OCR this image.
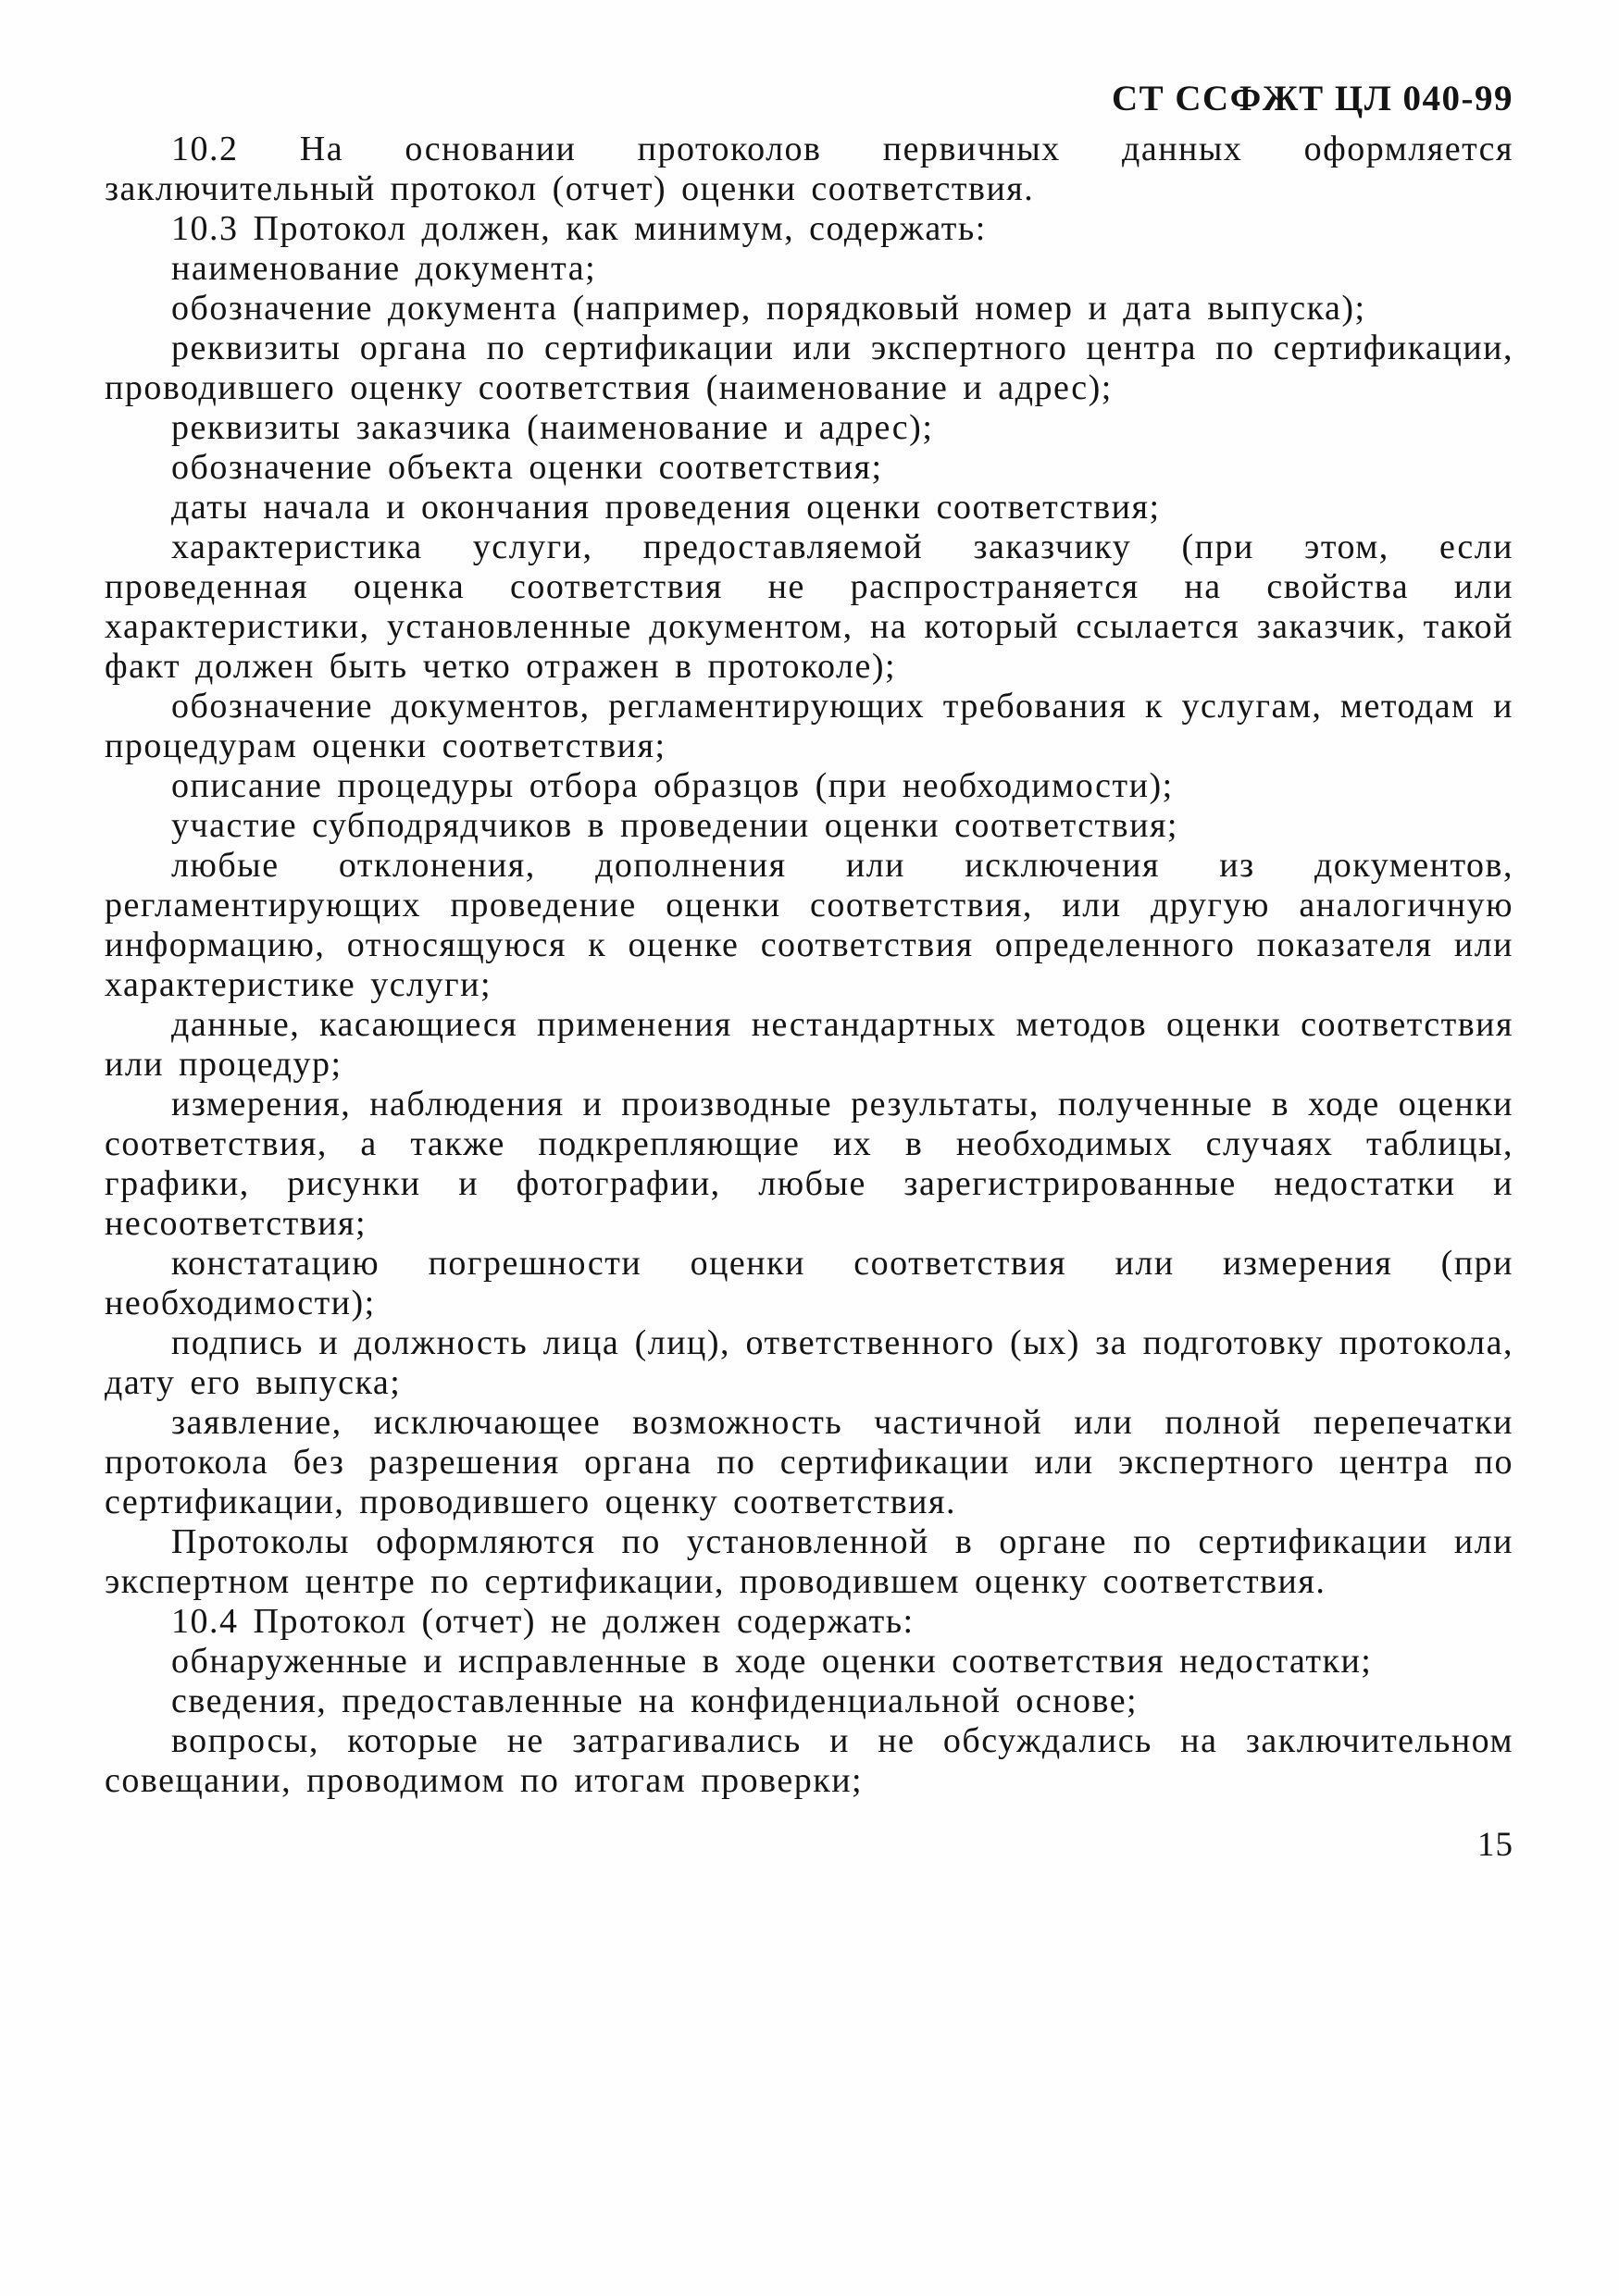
СТ ССФЖТ ЦЛ 040-99

10.2 На основании протоколов первичных данных оформляется заключительный протокол (отчет) оценки соответствия.

10.3 Протокол должен, как минимум, содержать:

наименование документа;

обозначение документа (например, порядковый номер и дата выпуска);

реквизиты органа по сертификации или экспертного центра по сертификации, проводившего оценку соответствия (наименование и адрес);

реквизиты заказчика (наименование и адрес);

обозначение объекта оценки соответствия;

даты начала и окончания проведения оценки соответствия;

характеристика услуги, предоставляемой заказчику (при этом, если проведенная оценка соответствия не распространяется на свойства или характеристики, установленные документом, на который ссылается заказчик, такой факт должен быть четко отражен в протоколе);

обозначение документов, регламентирующих требования к услугам, методам и процедурам оценки соответствия;

описание процедуры отбора образцов (при необходимости);

участие субподрядчиков в проведении оценки соответствия;

любые отклонения, дополнения или исключения из документов, регламентирующих проведение оценки соответствия, или другую аналогичную информацию, относящуюся к оценке соответствия определенного показателя или характеристике услуги;

данные, касающиеся применения нестандартных методов оценки соответствия или процедур;

измерения, наблюдения и производные результаты, полученные в ходе оценки соответствия, а также подкрепляющие их в необходимых случаях таблицы, графики, рисунки и фотографии, любые зарегистрированные недостатки и несоответствия;

констатацию погрешности оценки соответствия или измерения (при необходимости);

подпись и должность лица (лиц), ответственного (ых) за подготовку протокола, дату его выпуска;

заявление, исключающее возможность частичной или полной перепечатки протокола без разрешения органа по сертификации или экспертного центра по сертификации, проводившего оценку соответствия.

Протоколы оформляются по установленной в органе по сертификации или экспертном центре по сертификации, проводившем оценку соответствия.

10.4 Протокол (отчет) не должен содержать:

обнаруженные и исправленные в ходе оценки соответствия недостатки;

сведения, предоставленные на конфиденциальной основе;

вопросы, которые не затрагивались и не обсуждались на заключительном совещании, проводимом по итогам проверки;

15
